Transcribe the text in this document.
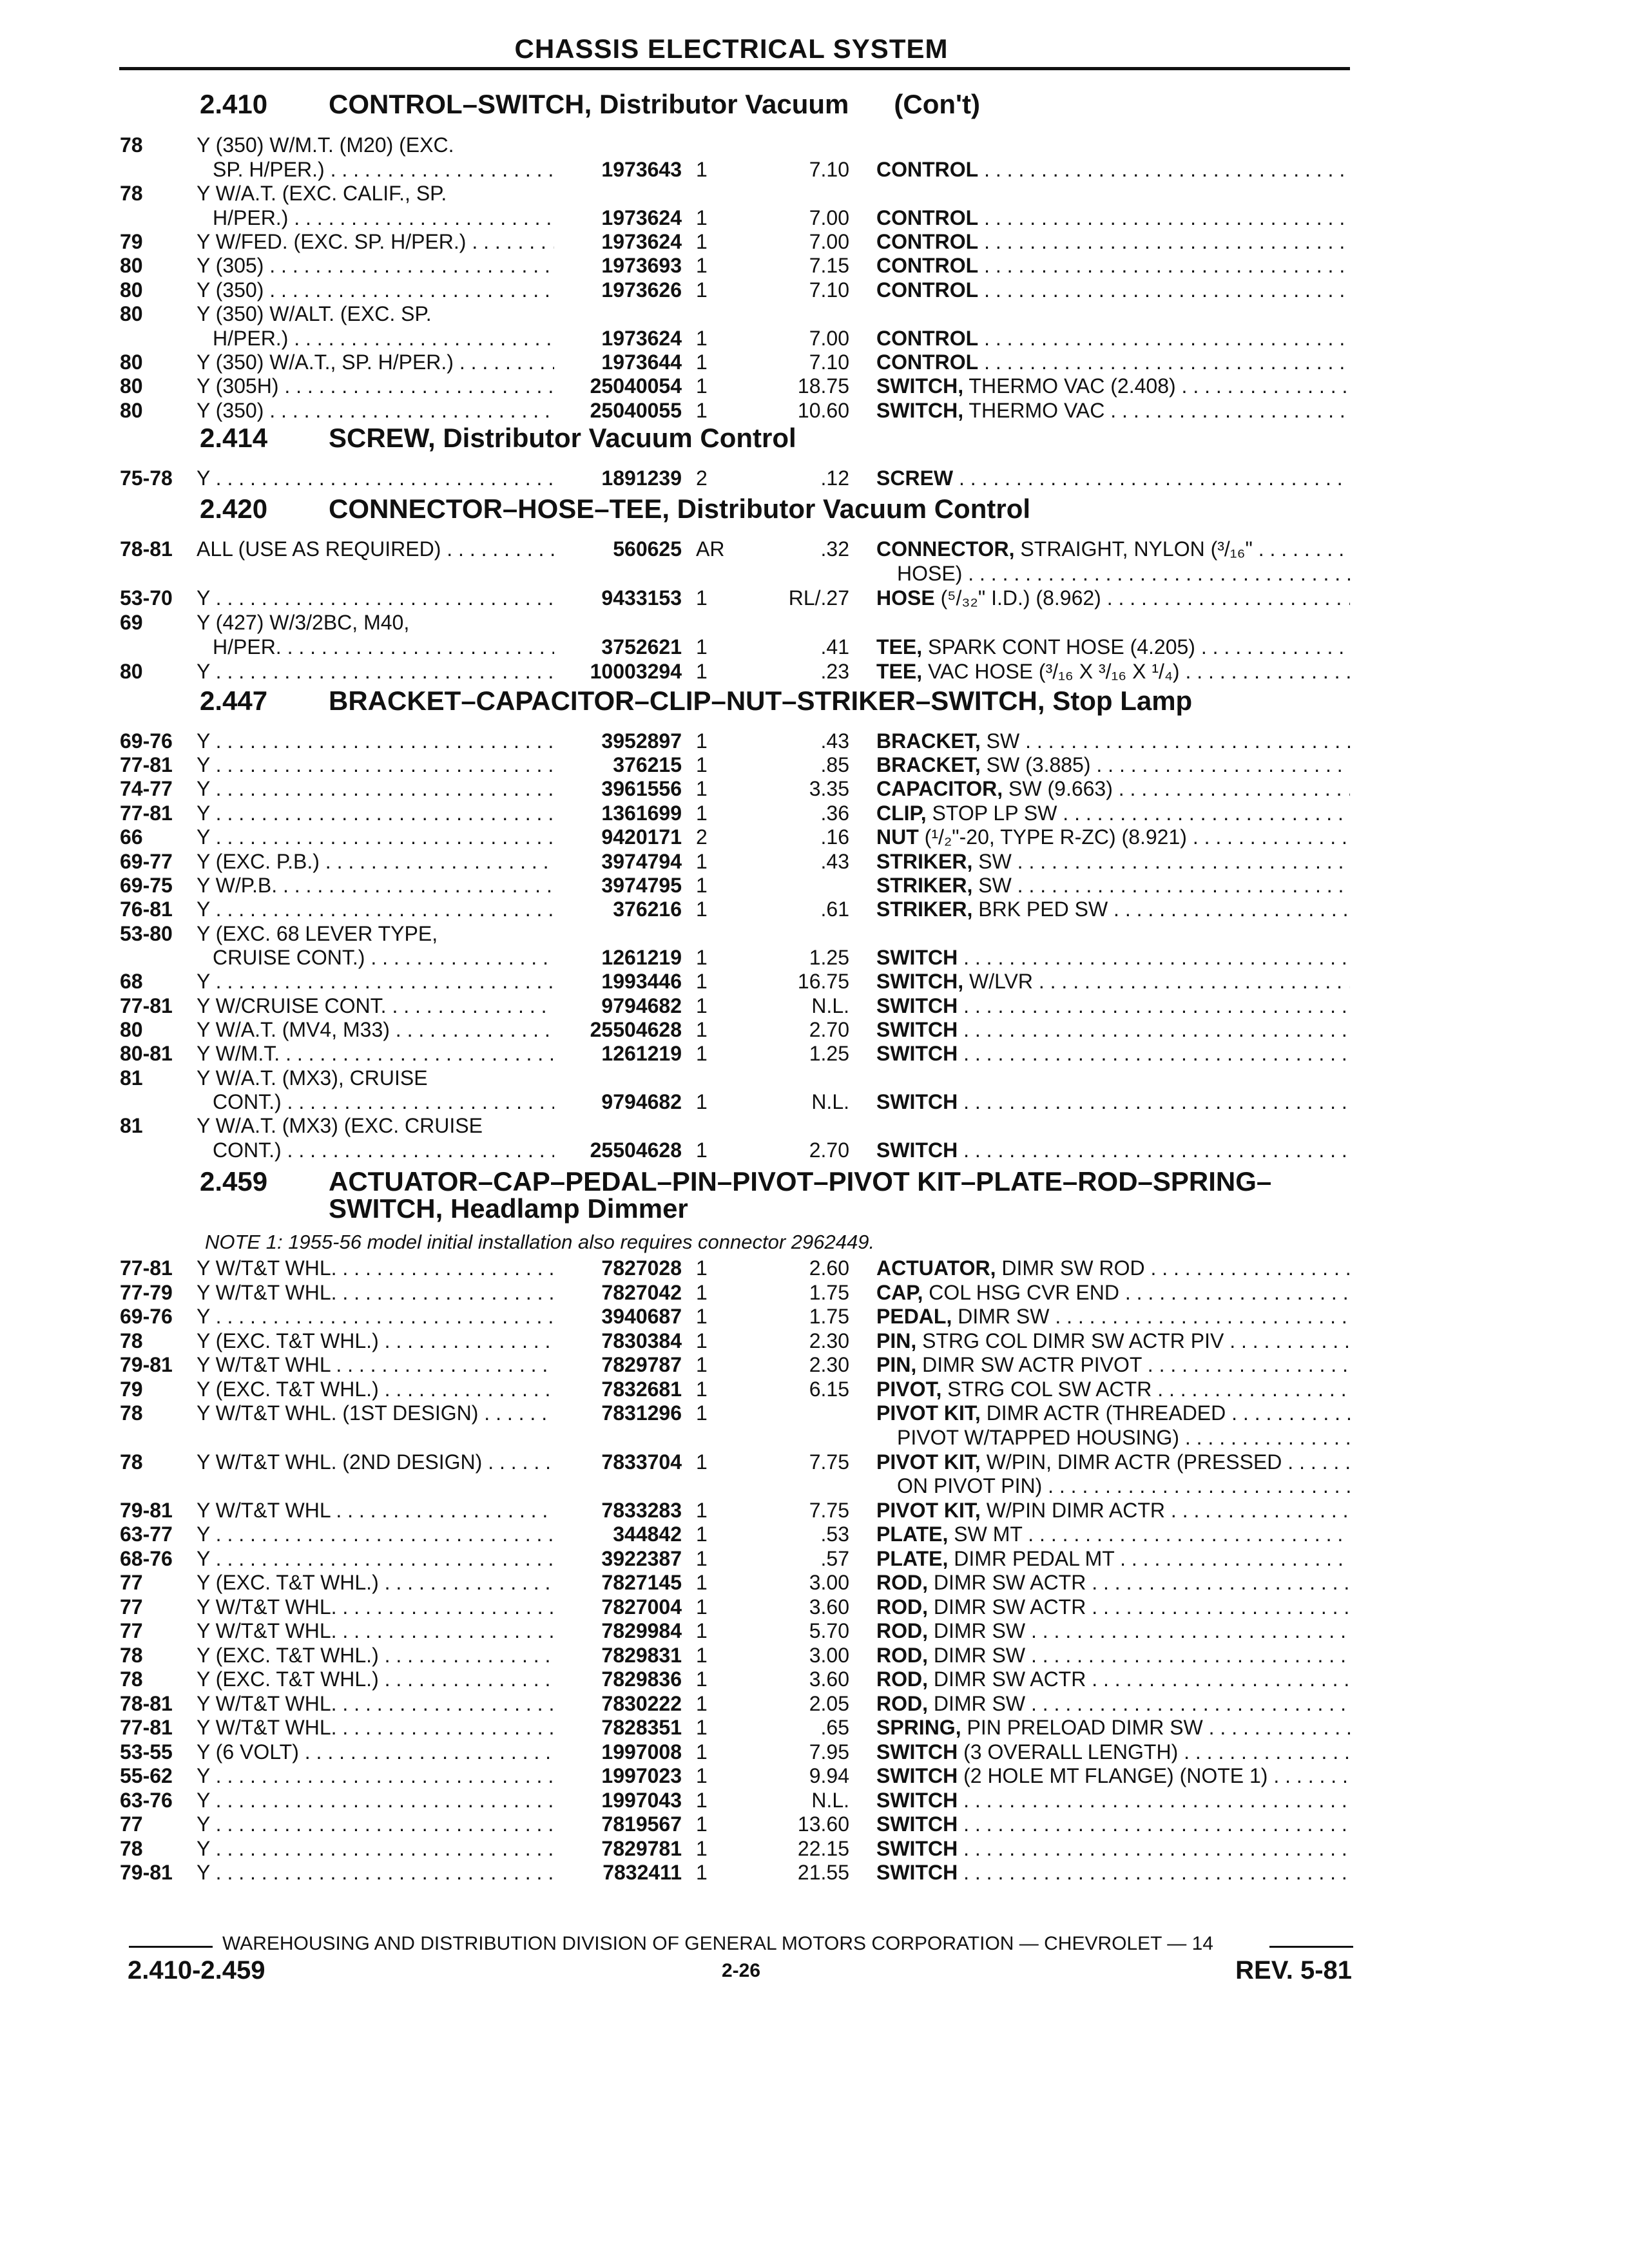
CHASSIS ELECTRICAL SYSTEM
2.410 CONTROL–SWITCH, Distributor Vacuum (Con't)
2.414 SCREW, Distributor Vacuum Control
2.420 CONNECTOR–HOSE–TEE, Distributor Vacuum Control
2.447 BRACKET–CAPACITOR–CLIP–NUT–STRIKER–SWITCH, Stop Lamp
2.459 ACTUATOR–CAP–PEDAL–PIN–PIVOT–PIVOT KIT–PLATE–ROD–SPRING–
SWITCH, Headlamp Dimmer
NOTE 1: 1955-56 model initial installation also requires connector 2962449.
78	Y (350) W/M.T. (M20) (EXC.
SP. H/PER.) . . .	1973643 1	7.10 CONTROL . . .
78	Y W/A.T. (EXC. CALIF., SP.
H/PER.) . . .	1973624 1	7.00 CONTROL . . .
79	Y W/FED. (EXC. SP. H/PER.) . . .	1973624 1	7.00 CONTROL . . .
80	Y (305) . . .	1973693 1	7.15 CONTROL . . .
80	Y (350) . . .	1973626 1	7.10 CONTROL . . .
80	Y (350) W/ALT. (EXC. SP.
H/PER.) . . .	1973624 1	7.00 CONTROL . . .
80	Y (350) W/A.T., SP. H/PER.) . . .	1973644 1	7.10 CONTROL . . .
80	Y (305H) . . .	25040054 1	18.75 SWITCH, THERMO VAC (2.408) . . .
80	Y (350) . . .	25040055 1	10.60 SWITCH, THERMO VAC . . .
75-78 Y . . .	1891239 2	.12 SCREW . . .
78-81 ALL (USE AS REQUIRED) . . .	560625 AR	.32 CONNECTOR, STRAIGHT, NYLON (³/₁₆" . . .
HOSE) . . .
53-70 Y . . .	9433153 1	RL/.27 HOSE (⁵/₃₂" I.D.) (8.962) . . .
69	Y (427) W/3/2BC, M40,
H/PER. . . .	3752621 1	.41 TEE, SPARK CONT HOSE (4.205) . . .
80	Y . . .	10003294 1	.23 TEE, VAC HOSE (³/₁₆ X ³/₁₆ X ¹/₄) . . .
69-76 Y . . .	3952897 1	.43 BRACKET, SW . . .
77-81 Y . . .	376215 1	.85 BRACKET, SW (3.885) . . .
74-77 Y . . .	3961556 1	3.35 CAPACITOR, SW (9.663) . . .
77-81 Y . . .	1361699 1	.36 CLIP, STOP LP SW . . .
66	Y . . .	9420171 2	.16 NUT (¹/₂"-20, TYPE R-ZC) (8.921) . . .
69-77 Y (EXC. P.B.) . . .	3974794 1	.43 STRIKER, SW . . .
69-75 Y W/P.B. . . .	3974795 1	STRIKER, SW . . .
76-81 Y . . .	376216 1	.61 STRIKER, BRK PED SW . . .
53-80 Y (EXC. 68 LEVER TYPE,
CRUISE CONT.) . . .	1261219 1	1.25 SWITCH . . .
68	Y . . .	1993446 1	16.75 SWITCH, W/LVR . . .
77-81 Y W/CRUISE CONT. . . .	9794682 1	N.L. SWITCH . . .
80	Y W/A.T. (MV4, M33) . . .	25504628 1	2.70 SWITCH . . .
80-81 Y W/M.T. . . .	1261219 1	1.25 SWITCH . . .
81	Y W/A.T. (MX3), CRUISE
CONT.) . . .	9794682 1	N.L. SWITCH . . .
81	Y W/A.T. (MX3) (EXC. CRUISE
CONT.) . . .	25504628 1	2.70 SWITCH . . .
77-81 Y W/T&T WHL. . . .	7827028 1	2.60 ACTUATOR, DIMR SW ROD . . .
77-79 Y W/T&T WHL. . . .	7827042 1	1.75 CAP, COL HSG CVR END . . .
69-76 Y . . .	3940687 1	1.75 PEDAL, DIMR SW . . .
78	Y (EXC. T&T WHL.) . . .	7830384 1	2.30 PIN, STRG COL DIMR SW ACTR PIV . . .
79-81 Y W/T&T WHL . . .	7829787 1	2.30 PIN, DIMR SW ACTR PIVOT . . .
79	Y (EXC. T&T WHL.) . . .	7832681 1	6.15 PIVOT, STRG COL SW ACTR . . .
78	Y W/T&T WHL. (1ST DESIGN) . . . .	7831296 1	PIVOT KIT, DIMR ACTR (THREADED . . .
PIVOT W/TAPPED HOUSING) . . .
78	Y W/T&T WHL. (2ND DESIGN) . . .	7833704 1	7.75 PIVOT KIT, W/PIN, DIMR ACTR (PRESSED . . .
ON PIVOT PIN) . . .
79-81 Y W/T&T WHL . . .	7833283 1	7.75 PIVOT KIT, W/PIN DIMR ACTR . . .
63-77 Y . . .	344842 1	.53 PLATE, SW MT . . .
68-76 Y . . .	3922387 1	.57 PLATE, DIMR PEDAL MT . . .
77	Y (EXC. T&T WHL.) . . .	7827145 1	3.00 ROD, DIMR SW ACTR . . .
77	Y W/T&T WHL. . . .	7827004 1	3.60 ROD, DIMR SW ACTR . . .
77	Y W/T&T WHL. . . .	7829984 1	5.70 ROD, DIMR SW . . .
78	Y (EXC. T&T WHL.) . . .	7829831 1	3.00 ROD, DIMR SW . . .
78	Y (EXC. T&T WHL.) . . .	7829836 1	3.60 ROD, DIMR SW ACTR . . .
78-81 Y W/T&T WHL. . . .	7830222 1	2.05 ROD, DIMR SW . . .
77-81 Y W/T&T WHL. . . .	7828351 1	.65 SPRING, PIN PRELOAD DIMR SW . . .
53-55 Y (6 VOLT) . . .	1997008 1	7.95 SWITCH (3 OVERALL LENGTH) . . .
55-62 Y . . .	1997023 1	9.94 SWITCH (2 HOLE MT FLANGE) (NOTE 1) . . . .
63-76 Y . . .	1997043 1	N.L. SWITCH . . .
77	Y . . .	7819567 1	13.60 SWITCH . . .
78	Y . . .	7829781 1	22.15 SWITCH . . .
79-81 Y . . .	7832411 1	21.55 SWITCH . . .
WAREHOUSING AND DISTRIBUTION DIVISION OF GENERAL MOTORS CORPORATION — CHEVROLET — 14
2.410-2.459	2-26	REV. 5-81
